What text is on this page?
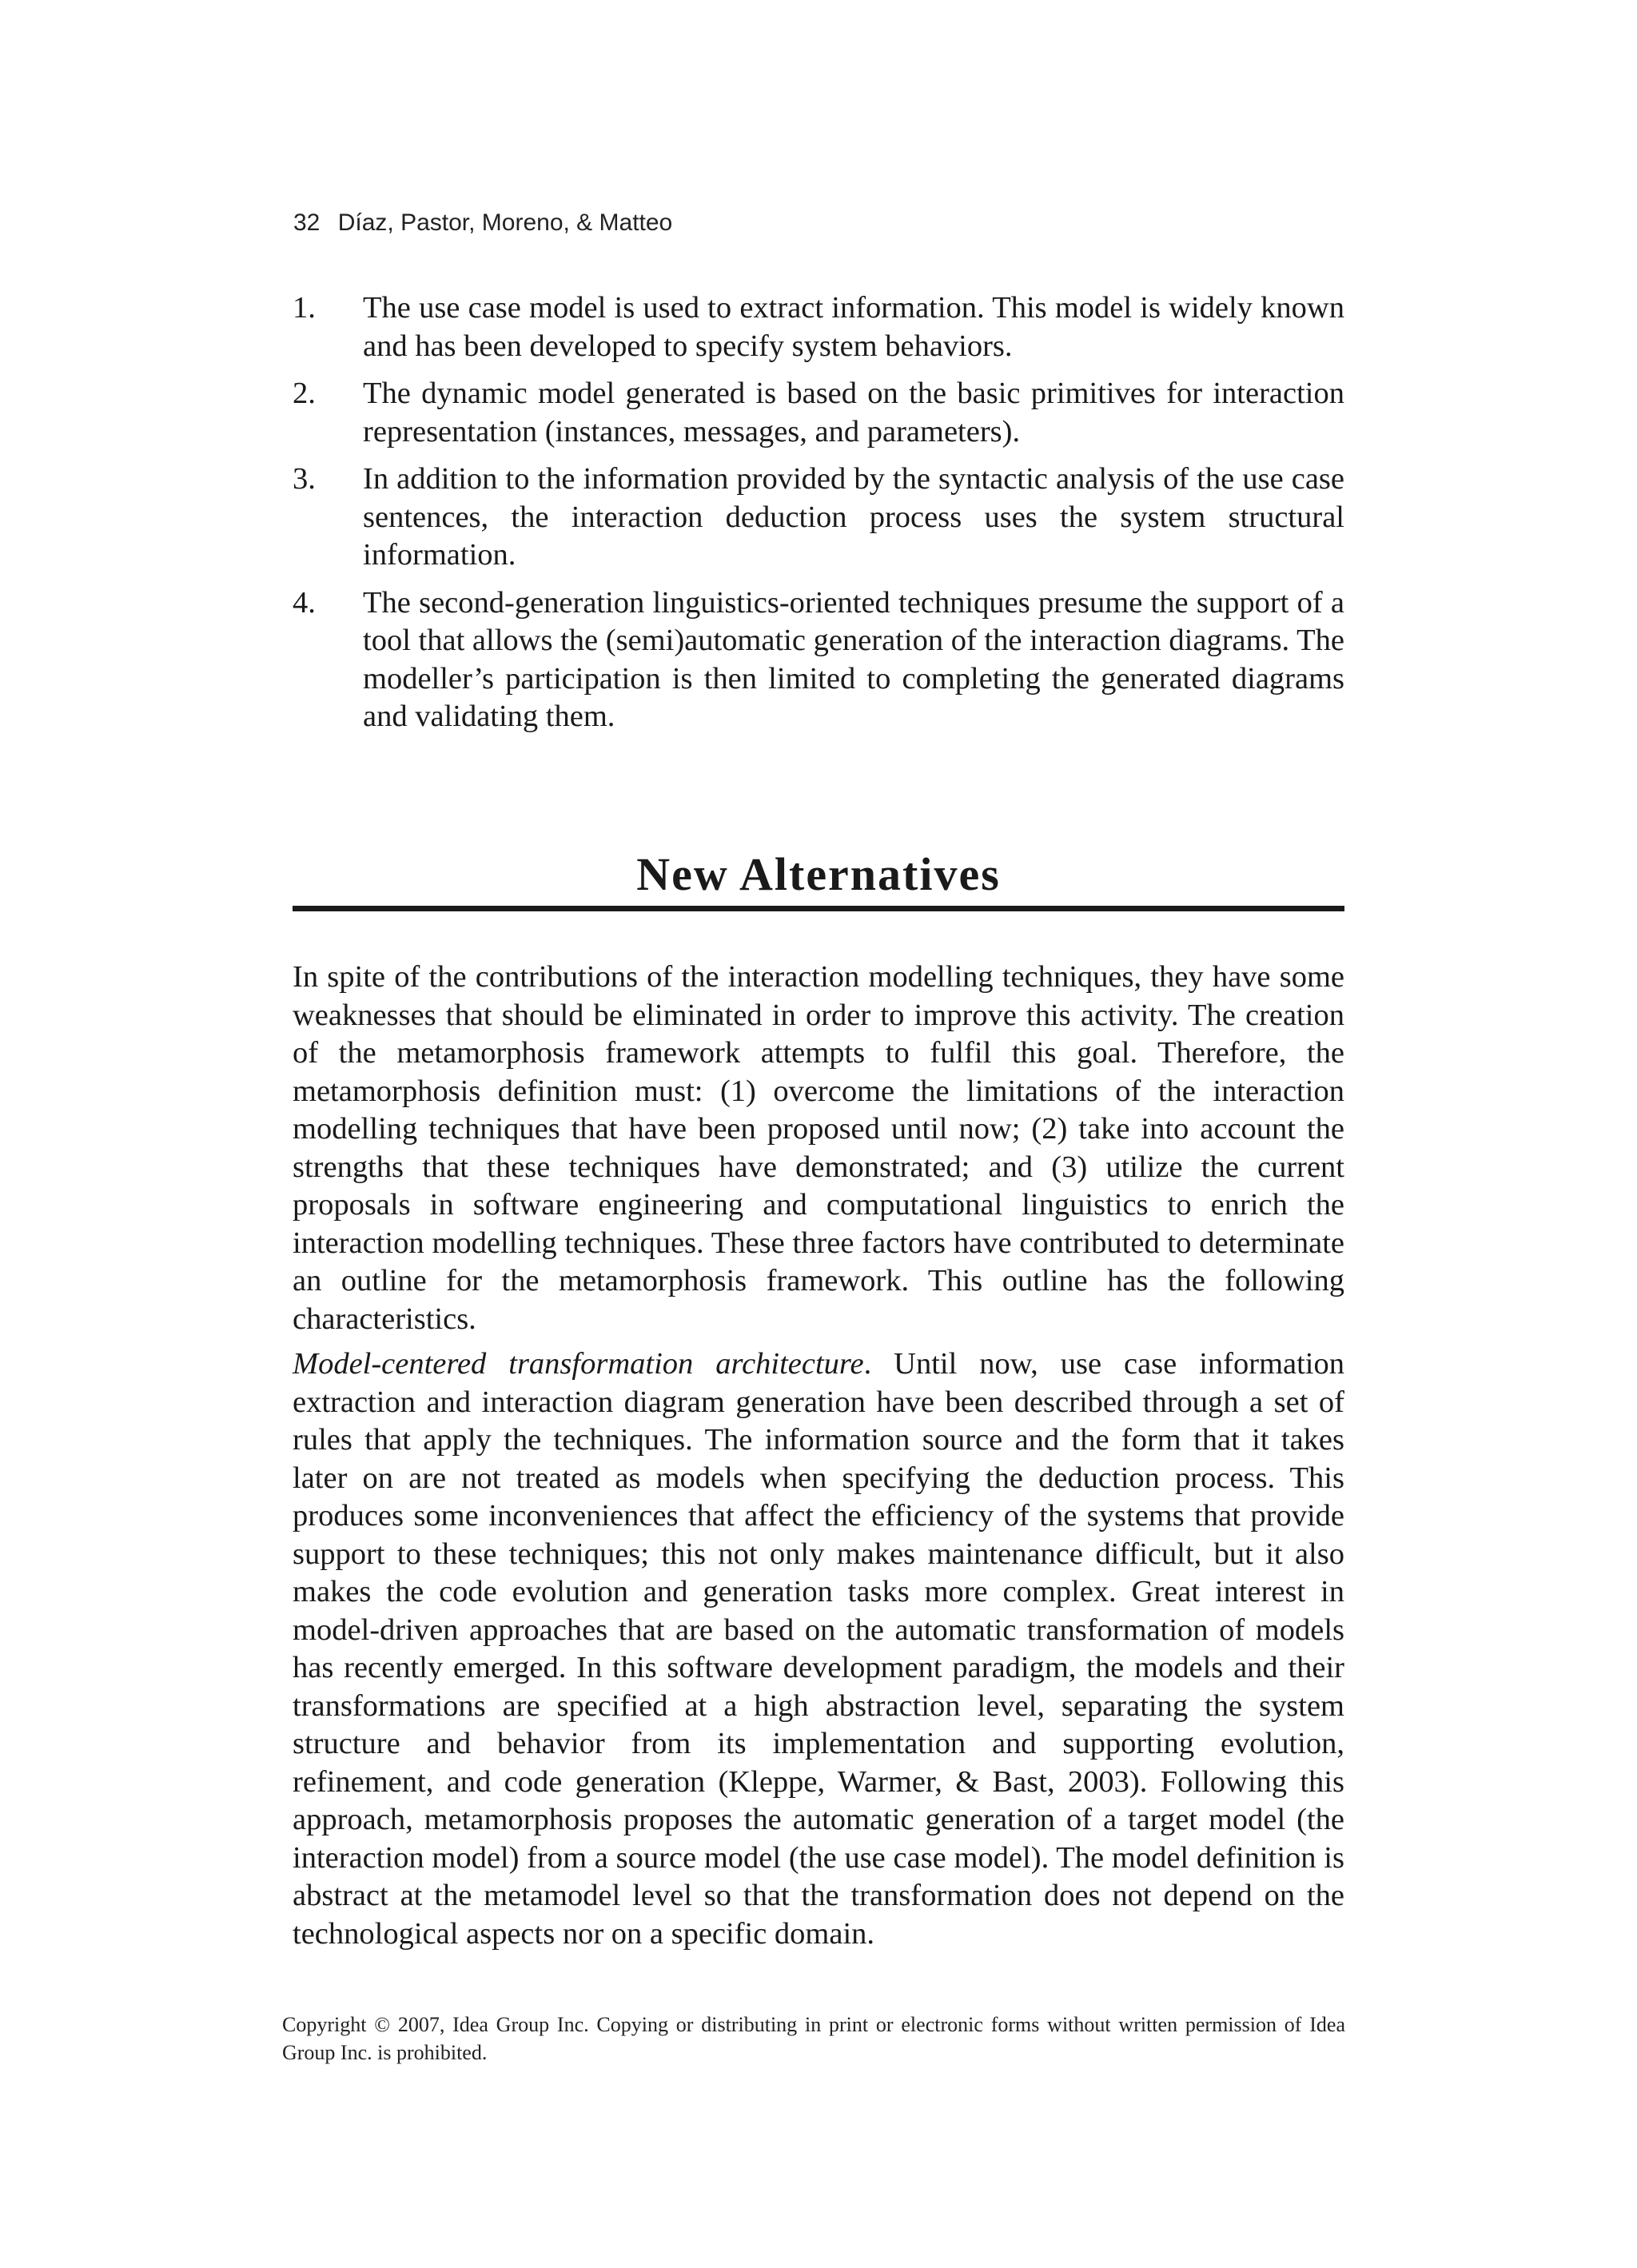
32 Díaz, Pastor, Moreno, & Matteo
1. The use case model is used to extract information. This model is widely known and has been developed to specify system behaviors.
2. The dynamic model generated is based on the basic primitives for interaction representation (instances, messages, and parameters).
3. In addition to the information provided by the syntactic analysis of the use case sentences, the interaction deduction process uses the system structural information.
4. The second-generation linguistics-oriented techniques presume the support of a tool that allows the (semi)automatic generation of the interaction diagrams. The modeller’s participation is then limited to completing the generated diagrams and validating them.
New Alternatives

In spite of the contributions of the interaction modelling techniques, they have some weaknesses that should be eliminated in order to improve this activity. The creation of the metamorphosis framework attempts to fulfil this goal. Therefore, the metamorphosis definition must: (1) overcome the limitations of the interaction modelling techniques that have been proposed until now; (2) take into account the strengths that these techniques have demonstrated; and (3) utilize the current proposals in software engineering and computational linguistics to enrich the interaction modelling techniques. These three factors have contributed to determinate an outline for the metamorphosis framework. This outline has the following characteristics.

Model-centered transformation architecture. Until now, use case information extraction and interaction diagram generation have been described through a set of rules that apply the techniques. The information source and the form that it takes later on are not treated as models when specifying the deduction process. This produces some inconveniences that affect the efficiency of the systems that provide support to these techniques; this not only makes maintenance difficult, but it also makes the code evolution and generation tasks more complex. Great interest in model-driven approaches that are based on the automatic transformation of models has recently emerged. In this software development paradigm, the models and their transformations are specified at a high abstraction level, separating the system structure and behavior from its implementation and supporting evolution, refinement, and code generation (Kleppe, Warmer, & Bast, 2003). Following this approach, metamorphosis proposes the automatic generation of a target model (the interaction model) from a source model (the use case model). The model definition is abstract at the metamodel level so that the transformation does not depend on the technological aspects nor on a specific domain.

Copyright © 2007, Idea Group Inc. Copying or distributing in print or electronic forms without written permission of Idea Group Inc. is prohibited.
